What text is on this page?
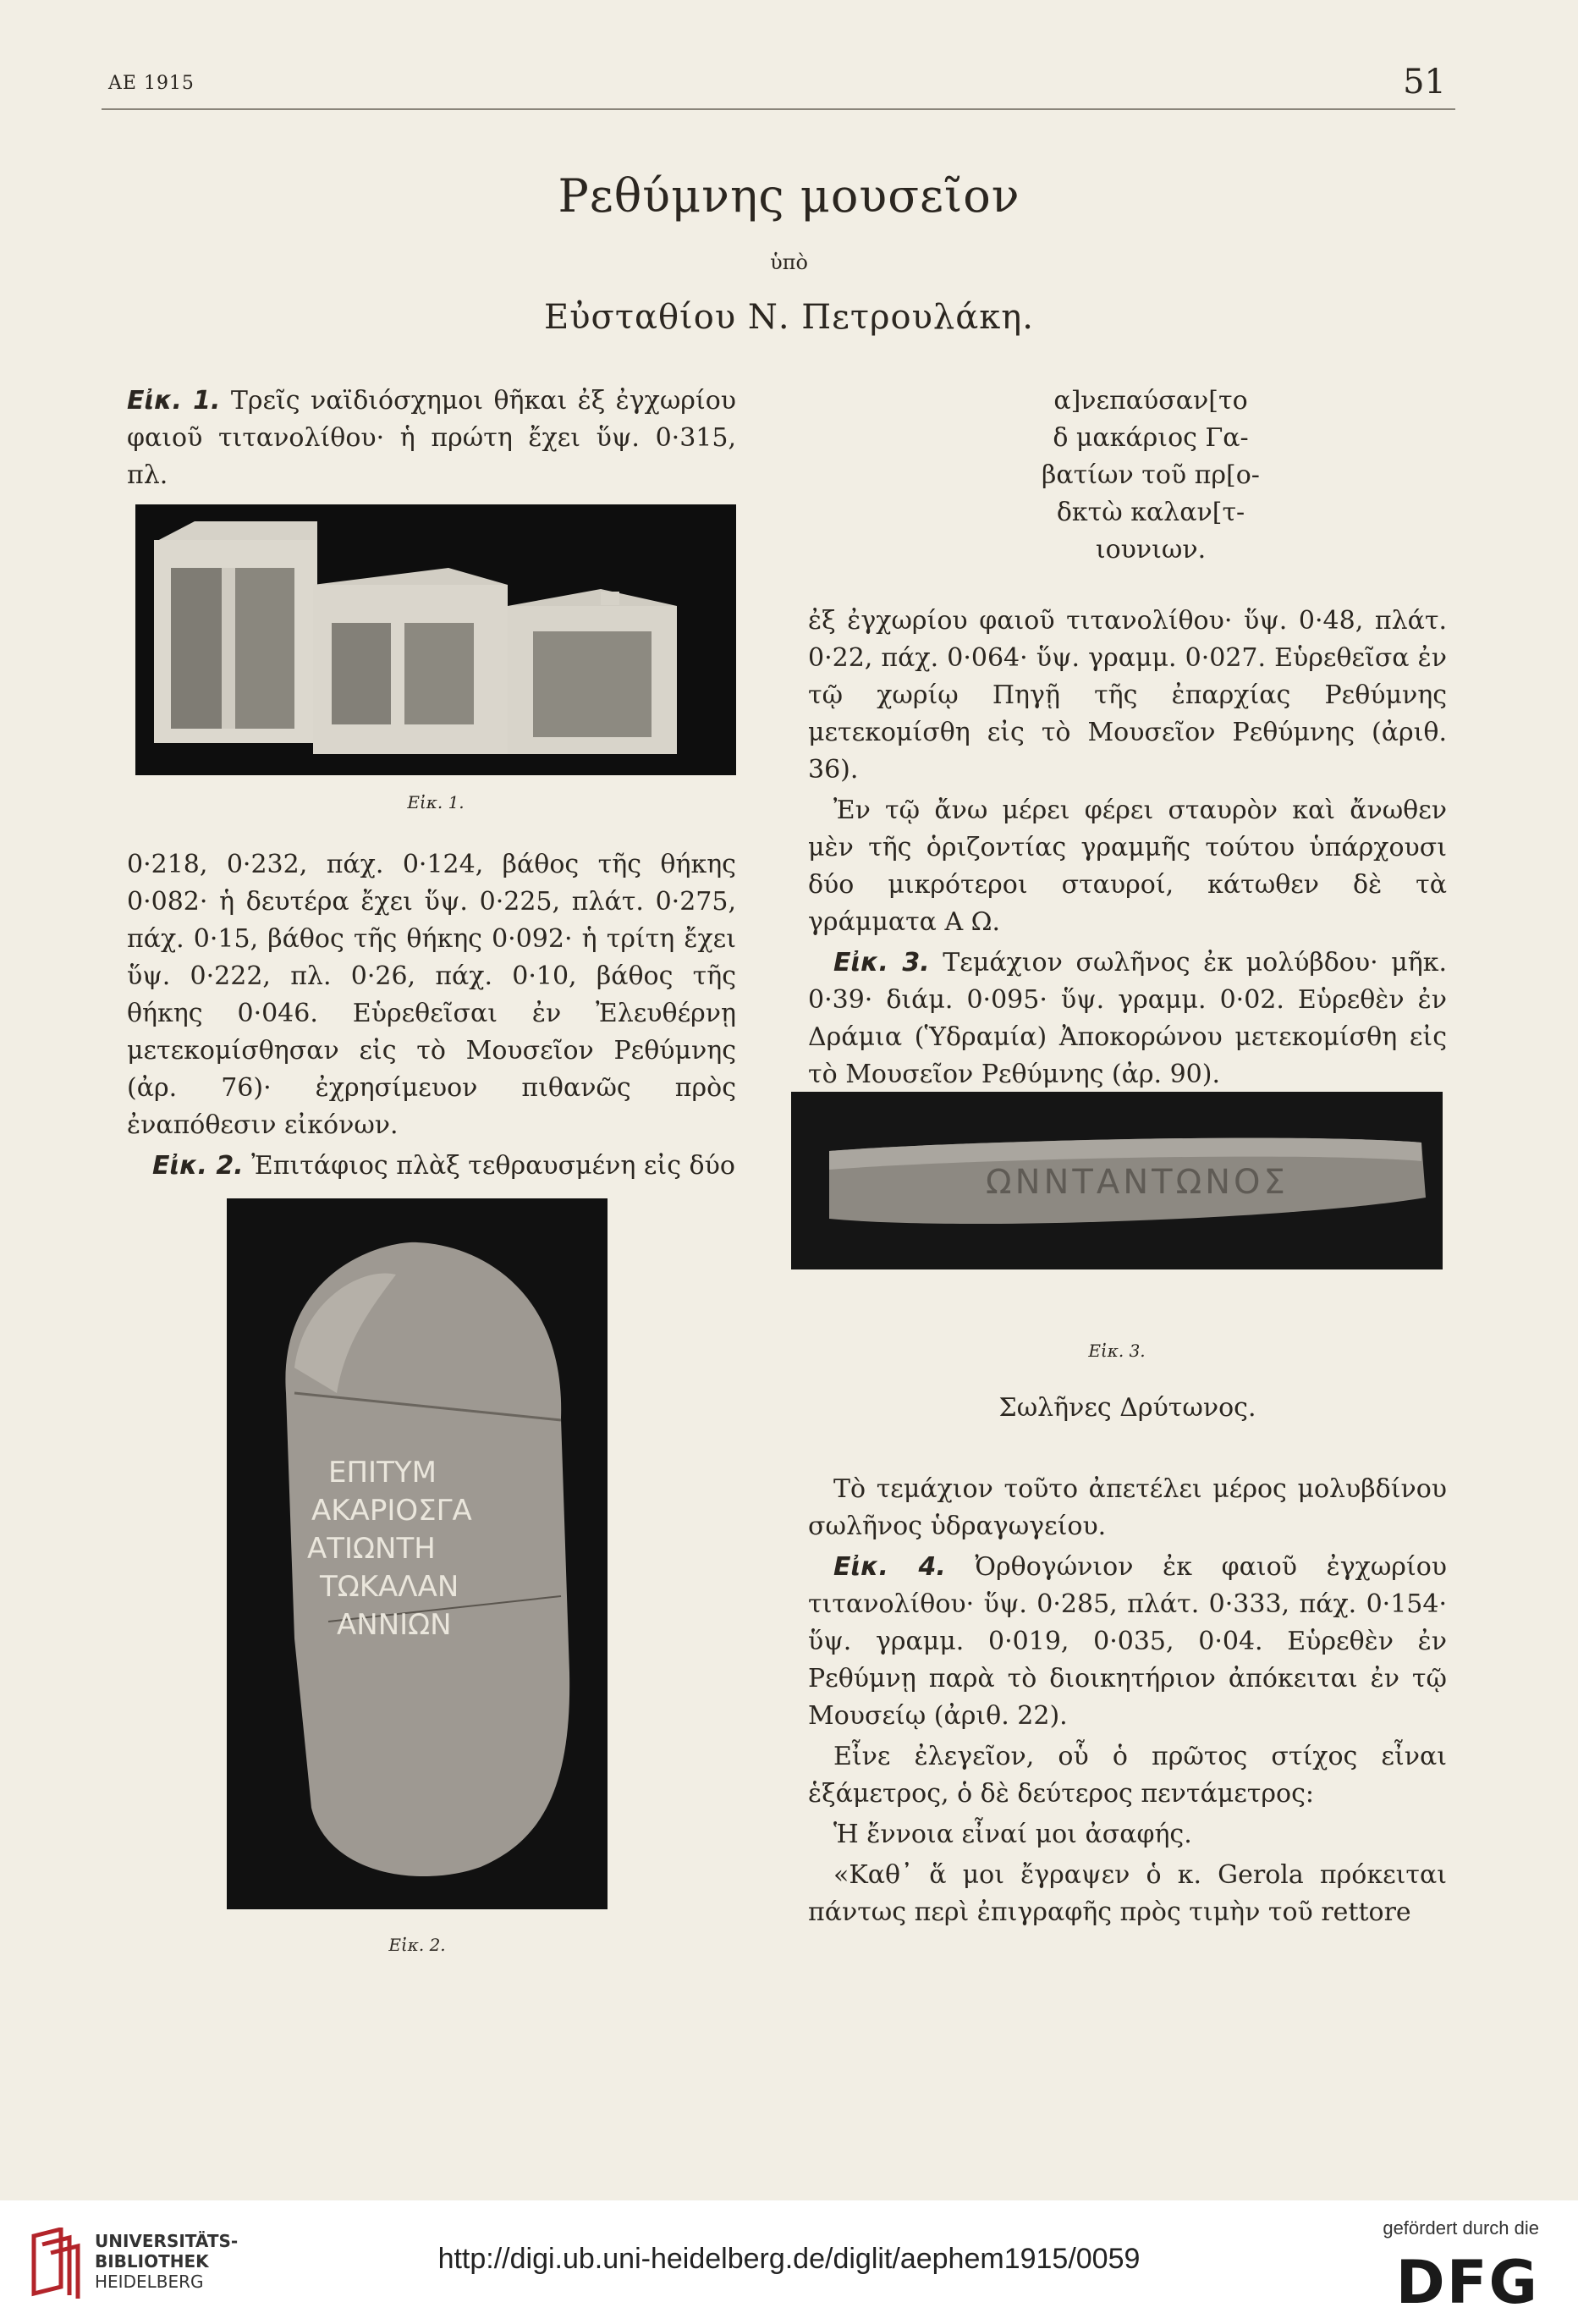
ΑΕ 1915	51
Ρεθύμνης μουσεῖον
ὑπὸ
Εὐσταθίου Ν. Πετρουλάκη.

Εἰκ. 1. Τρεῖς ναϊδιόσχημοι θῆκαι ἐξ ἐγχωρίου φαιοῦ τιτανολίθου· ἡ πρώτη ἔχει ὕψ. 0·315, πλ.

Εἰκ. 1.

0·218, 0·232, πάχ. 0·124, βάθος τῆς θήκης 0·082· ἡ δευτέρα ἔχει ὕψ. 0·225, πλάτ. 0·275, πάχ. 0·15, βάθος τῆς θήκης 0·092· ἡ τρίτη ἔχει ὕψ. 0·222, πλ. 0·26, πάχ. 0·10, βάθος τῆς θήκης 0·046. Εὑρεθεῖσαι ἐν Ἐλευθέρνῃ μετεκομίσθησαν εἰς τὸ Μουσεῖον Ρεθύμνης (ἀρ. 76)· ἐχρησίμευον πιθανῶς πρὸς ἐναπόθεσιν εἰκόνων.

Εἰκ. 2. Ἐπιτάφιος πλὰξ τεθραυσμένη εἰς δύο

ΕΠΙΤΥΜ
ΑΚΑΡΙΟΣΓΑ
ΑΤΙΩΝΤΗ
ΤΩΚΑΛΑΝ
ΑΝΝΙΩΝ
Εἰκ. 2.
α]νεπαύσαν[το
δ μακάριος Γα-
βατίων τοῦ πρ[ο-
δκτὼ καλαν[τ-
ιουνιων.

ἐξ ἐγχωρίου φαιοῦ τιτανολίθου· ὕψ. 0·48, πλάτ. 0·22, πάχ. 0·064· ὕψ. γραμμ. 0·027. Εὑρεθεῖσα ἐν τῷ χωρίῳ Πηγῇ τῆς ἐπαρχίας Ρεθύμνης μετεκομίσθη εἰς τὸ Μουσεῖον Ρεθύμνης (ἀριθ. 36).

Ἐν τῷ ἄνω μέρει φέρει σταυρὸν καὶ ἄνωθεν μὲν τῆς ὁριζοντίας γραμμῆς τούτου ὑπάρχουσι δύο μικρότεροι σταυροί, κάτωθεν δὲ τὰ γράμματα Α Ω.

Εἰκ. 3. Τεμάχιον σωλῆνος ἐκ μολύβδου· μῆκ. 0·39· διάμ. 0·095· ὕψ. γραμμ. 0·02. Εὑρεθὲν ἐν Δράμια (Ὑδραμία) Ἀποκορώνου μετεκομίσθη εἰς τὸ Μουσεῖον Ρεθύμνης (ἀρ. 90).

ΩΝΝΤΑΝΤΩΝΟΣ
Εἰκ. 3.
Σωλῆνες Δρύτωνος.

Τὸ τεμάχιον τοῦτο ἀπετέλει μέρος μολυβδίνου σωλῆνος ὑδραγωγείου.

Εἰκ. 4. Ὀρθογώνιον ἐκ φαιοῦ ἐγχωρίου τιτανολίθου· ὕψ. 0·285, πλάτ. 0·333, πάχ. 0·154· ὕψ. γραμμ. 0·019, 0·035, 0·04. Εὑρεθὲν ἐν Ρεθύμνῃ παρὰ τὸ διοικητήριον ἀπόκειται ἐν τῷ Μουσείῳ (ἀριθ. 22).

Εἶνε ἐλεγεῖον, οὗ ὁ πρῶτος στίχος εἶναι ἑξάμετρος, ὁ δὲ δεύτερος πεντάμετρος:

Ἡ ἔννοια εἶναί μοι ἀσαφής.

«Καθ᾽ ἅ μοι ἔγραψεν ὁ κ. Gerola πρόκειται πάντως περὶ ἐπιγραφῆς πρὸς τιμὴν τοῦ rettore

UNIVERSITÄTS-
BIBLIOTHEK
HEIDELBERG
http://digi.ub.uni-heidelberg.de/diglit/aephem1915/0059
gefördert durch die
DFG
